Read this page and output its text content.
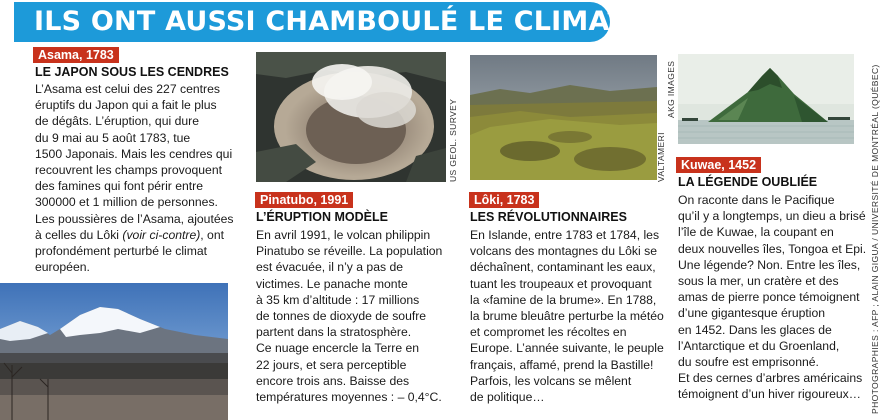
ILS ONT AUSSI CHAMBOULÉ LE CLIMAT
Asama, 1783
LE JAPON SOUS LES CENDRES

L’Asama est celui des 227 centres

éruptifs du Japon qui a fait le plus

de dégâts. L’éruption, qui dure

du 9 mai au 5 août 1783, tue

1500 Japonais. Mais les cendres qui

recouvrent les champs provoquent

des famines qui font périr entre

300000 et 1 million de personnes.

Les poussières de l’Asama, ajoutées

à celles du Lôki (voir ci-contre), ont

profondément perturbé le climat

européen.

US GEOL. SURVEY
Pinatubo, 1991
L’ÉRUPTION MODÈLE

En avril 1991, le volcan philippin

Pinatubo se réveille. La population

est évacuée, il n’y a pas de

victimes. Le panache monte

à 35 km d’altitude : 17 millions

de tonnes de dioxyde de soufre

partent dans la stratosphère.

Ce nuage encercle la Terre en

22 jours, et sera perceptible

encore trois ans. Baisse des

températures moyennes : – 0,4°C.

VALTAMERI
Lôki, 1783
LES RÉVOLUTIONNAIRES

En Islande, entre 1783 et 1784, les

volcans des montagnes du Lôki se

déchaînent, contaminant les eaux,

tuant les troupeaux et provoquant

la «famine de la brume». En 1788,

la brume bleuâtre perturbe la météo

et compromet les récoltes en

Europe. L’année suivante, le peuple

français, affamé, prend la Bastille!

Parfois, les volcans se mêlent

de politique…

AKG IMAGES	PHOTOGRAPHIES : AFP ; ALAIN GIGUA / UNIVERSITÉ DE MONTRÉAL (QUÉBEC)
Kuwae, 1452
LA LÉGENDE OUBLIÉE

On raconte dans le Pacifique

qu’il y a longtemps, un dieu a brisé

l’île de Kuwae, la coupant en

deux nouvelles îles, Tongoa et Epi.

Une légende? Non. Entre les îles,

sous la mer, un cratère et des

amas de pierre ponce témoignent

d’une gigantesque éruption

en 1452. Dans les glaces de

l’Antarctique et du Groenland,

du soufre est emprisonné.

Et des cernes d’arbres américains

témoignent d’un hiver rigoureux…
